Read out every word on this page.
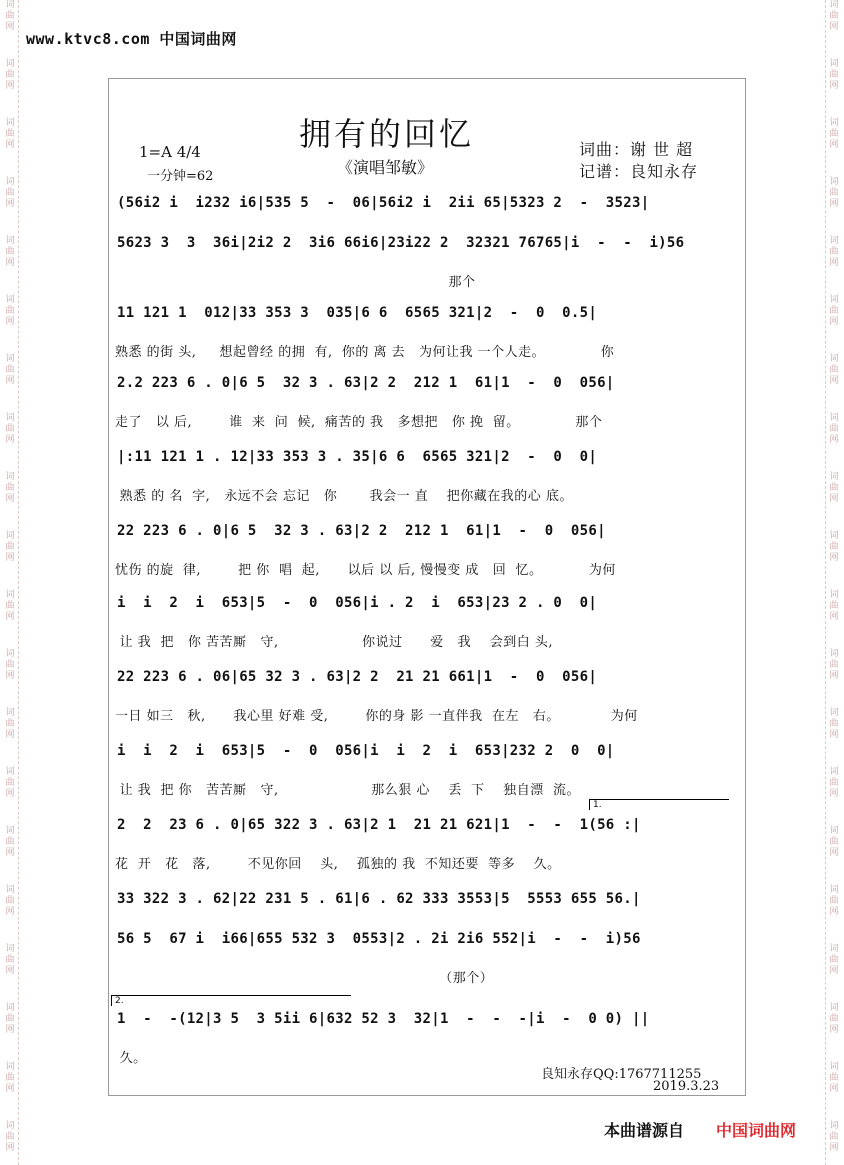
词曲网
词曲网
词曲网
词曲网
词曲网
词曲网
词曲网
词曲网
词曲网
词曲网
词曲网
词曲网
词曲网
词曲网
词曲网
词曲网
词曲网
词曲网
词曲网
词曲网
词曲网
词曲网
词曲网
词曲网
词曲网
词曲网
词曲网
词曲网
词曲网
词曲网
词曲网
词曲网
词曲网
词曲网
词曲网
词曲网
词曲网
词曲网
词曲网
词曲网
www.ktvc8.com 中国词曲网
拥有的回忆
《演唱邹敏》
1=A 4/4
一分钟=62
词曲：谢 世 超
记谱：良知永存
(56i2 i  i232 i6|535 5  -  06|56i2 i  2ii 65|5323 2  -  3523|
5623 3  3  36i|2i2 2  3i6 66i6|23i22 2  32321 76765|i  -  -  i)56
那个
11 121 1  012|33 353 3  035|6 6  6565 321|2  -  0  0.5|
熟悉 的街 头,     想起曾经 的拥  有,  你的 离 去   为何让我 一个人走。            你
2.2 223 6 . 0|6 5  32 3 . 63|2 2  212 1  61|1  -  0  056|
走了   以 后,        谁  来  问  候,  痛苦的 我   多想把   你 挽  留。            那个
|:11 121 1 . 12|33 353 3 . 35|6 6  6565 321|2  -  0  0|
熟悉 的 名  字,   永远不会 忘记   你       我会一 直    把你藏在我的心 底。
22 223 6 . 0|6 5  32 3 . 63|2 2  212 1  61|1  -  0  056|
忧伤 的旋  律,        把 你  唱  起,      以后 以 后, 慢慢变 成   回  忆。          为何
i  i  2  i  653|5  -  0  056|i . 2  i  653|23 2 . 0  0|
让 我  把   你 苦苦厮   守,                  你说过      爱   我    会到白 头,
22 223 6 . 06|65 32 3 . 63|2 2  21 21 661|1  -  0  056|
一日 如三   秋,      我心里 好难 受,        你的身 影 一直伴我  在左   右。           为何
i  i  2  i  653|5  -  0  056|i  i  2  i  653|232 2  0  0|
让 我  把 你   苦苦厮   守,                    那么狠 心    丢  下    独自漂  流。
2  2  23 6 . 0|65 322 3 . 63|2 1  21 21 621|1  -  -  1(56 :|
花  开   花   落,        不见你回    头,    孤独的 我  不知还要  等多    久。
33 322 3 . 62|22 231 5 . 61|6 . 62 333 3553|5  5553 655 56.|
56 5  67 i  i66|655 532 3  0553|2 . 2i 2i6 552|i  -  -  i)56
（那个）
1  -  -(12|3 5  3 5ii 6|632 52 3  32|1  -  -  -|i  -  0 0) ||
久。
1.
2.
良知永存QQ:1767711255
2019.3.23
本曲谱源自 中国词曲网
